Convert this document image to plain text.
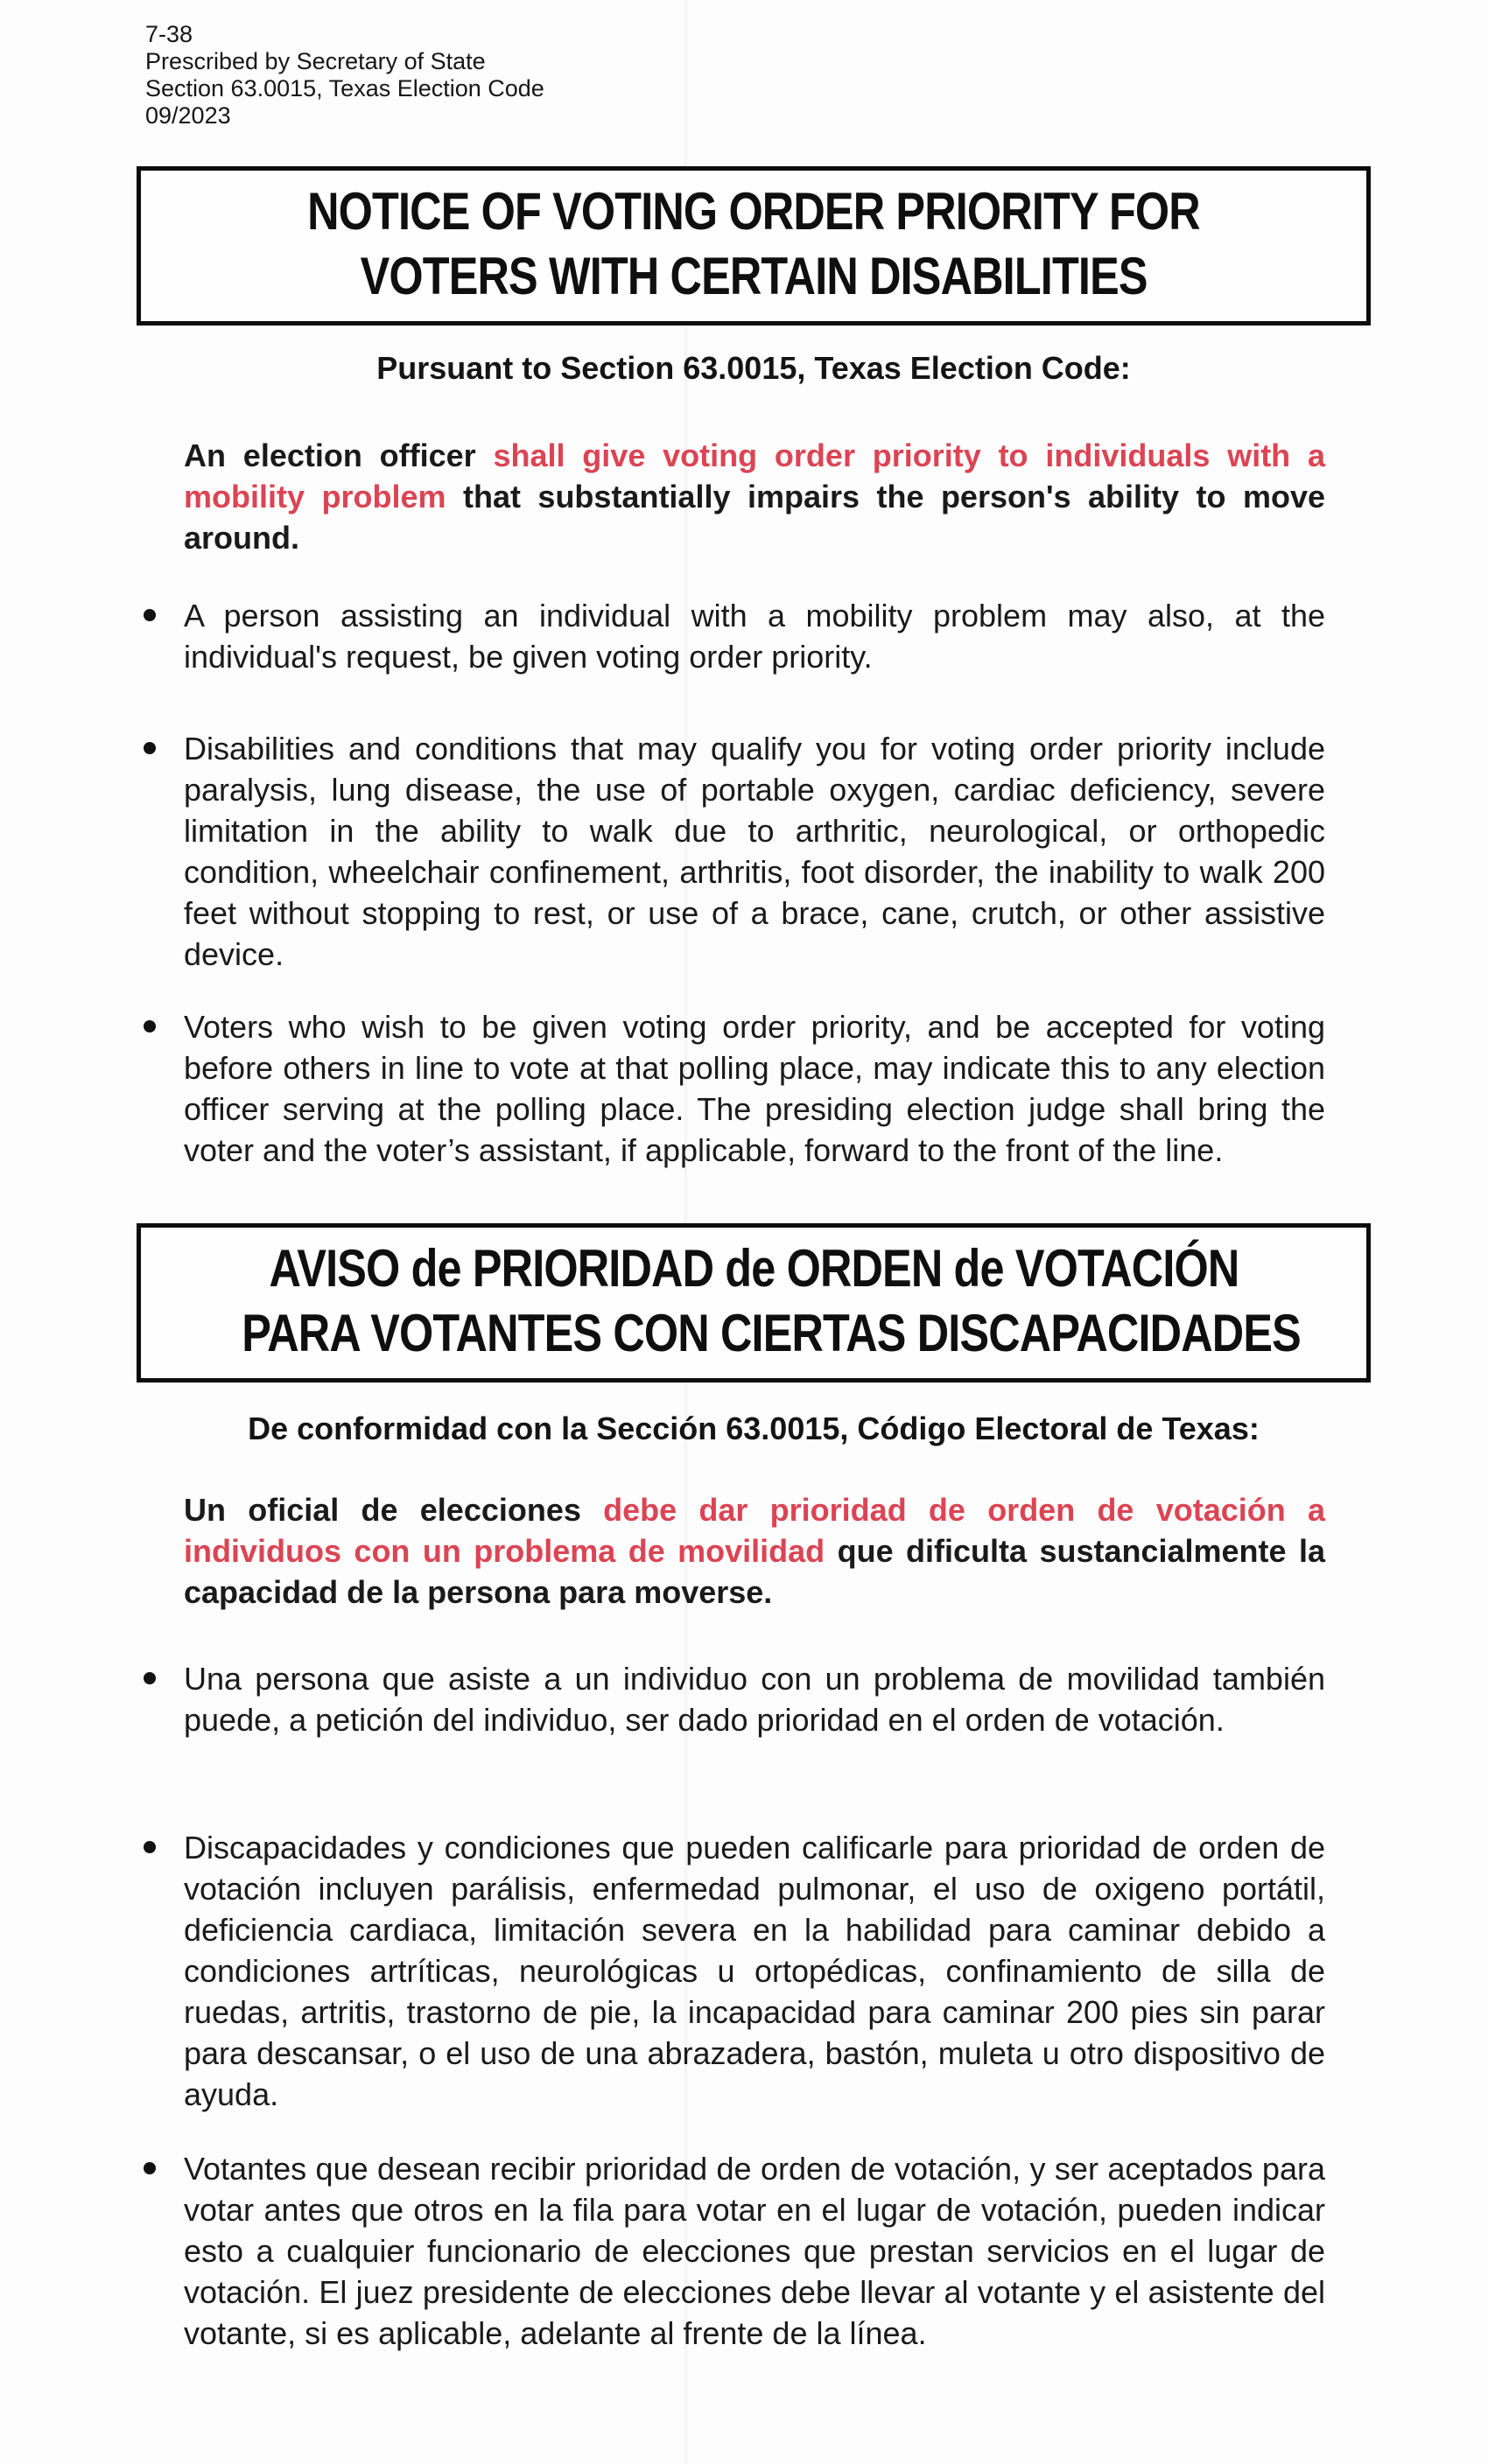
7-38
Prescribed by Secretary of State
Section 63.0015, Texas Election Code
09/2023
NOTICE OF VOTING ORDER PRIORITY FOR
VOTERS WITH CERTAIN DISABILITIES
Pursuant to Section 63.0015, Texas Election Code:
An election officer shall give voting order priority to individuals with a mobility problem that substantially impairs the person's ability to move around.
A person assisting an individual with a mobility problem may also, at the individual's request, be given voting order priority.
Disabilities and conditions that may qualify you for voting order priority include paralysis, lung disease, the use of portable oxygen, cardiac deficiency, severe limitation in the ability to walk due to arthritic, neurological, or orthopedic condition, wheelchair confinement, arthritis, foot disorder, the inability to walk 200 feet without stopping to rest, or use of a brace, cane, crutch, or other assistive device.
Voters who wish to be given voting order priority, and be accepted for voting before others in line to vote at that polling place, may indicate this to any election officer serving at the polling place. The presiding election judge shall bring the voter and the voter’s assistant, if applicable, forward to the front of the line.
AVISO de PRIORIDAD de ORDEN de VOTACIÓN
PARA VOTANTES CON CIERTAS DISCAPACIDADES
De conformidad con la Sección 63.0015, Código Electoral de Texas:
Un oficial de elecciones debe dar prioridad de orden de votación a individuos con un problema de movilidad que dificulta sustancialmente la capacidad de la persona para moverse.
Una persona que asiste a un individuo con un problema de movilidad también puede, a petición del individuo, ser dado prioridad en el orden de votación.
Discapacidades y condiciones que pueden calificarle para prioridad de orden de votación incluyen parálisis, enfermedad pulmonar, el uso de oxigeno portátil, deficiencia cardiaca, limitación severa en la habilidad para caminar debido a condiciones artríticas, neurológicas u ortopédicas, confinamiento de silla de ruedas, artritis, trastorno de pie, la incapacidad para caminar 200 pies sin parar para descansar, o el uso de una abrazadera, bastón, muleta u otro dispositivo de ayuda.
Votantes que desean recibir prioridad de orden de votación, y ser aceptados para votar antes que otros en la fila para votar en el lugar de votación, pueden indicar esto a cualquier funcionario de elecciones que prestan servicios en el lugar de votación. El juez presidente de elecciones debe llevar al votante y el asistente del votante, si es aplicable, adelante al frente de la línea.
